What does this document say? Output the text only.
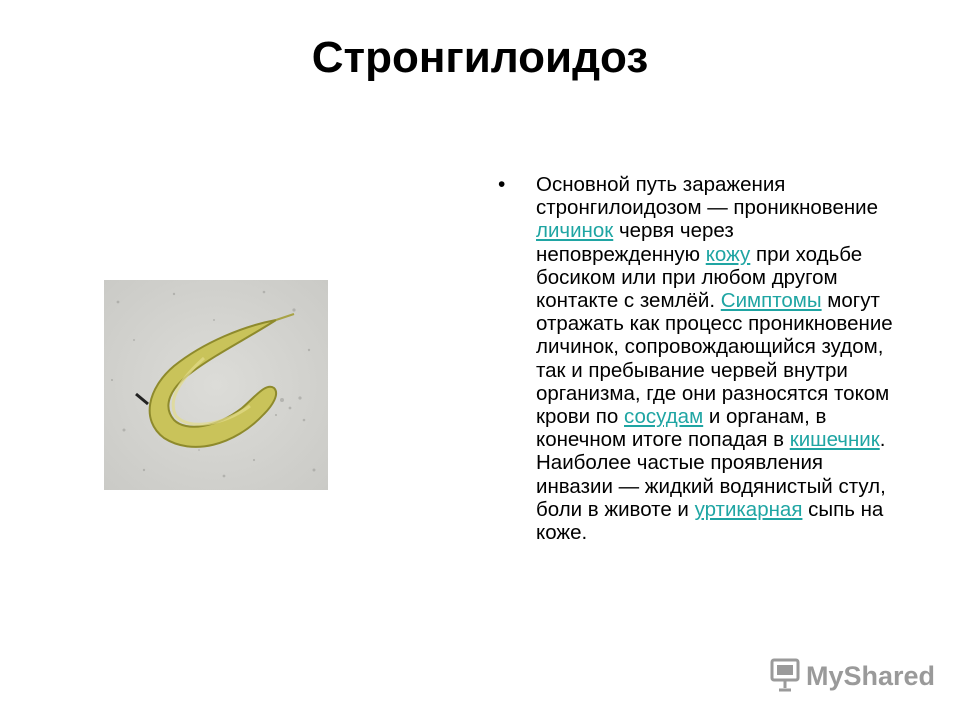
Стронгилоидоз
• Основной путь заражения стронгилоидозом — проникновение личинок червя через неповрежденную кожу при ходьбе босиком или при любом другом контакте с землёй. Симптомы могут отражать как процесс проникновение личинок, сопровождающийся зудом, так и пребывание червей внутри организма, где они разносятся током крови по сосудам и органам, в конечном итоге попадая в кишечник. Наиболее частые проявления инвазии — жидкий водянистый стул, боли в животе и уртикарная сыпь на коже.

MyShared
